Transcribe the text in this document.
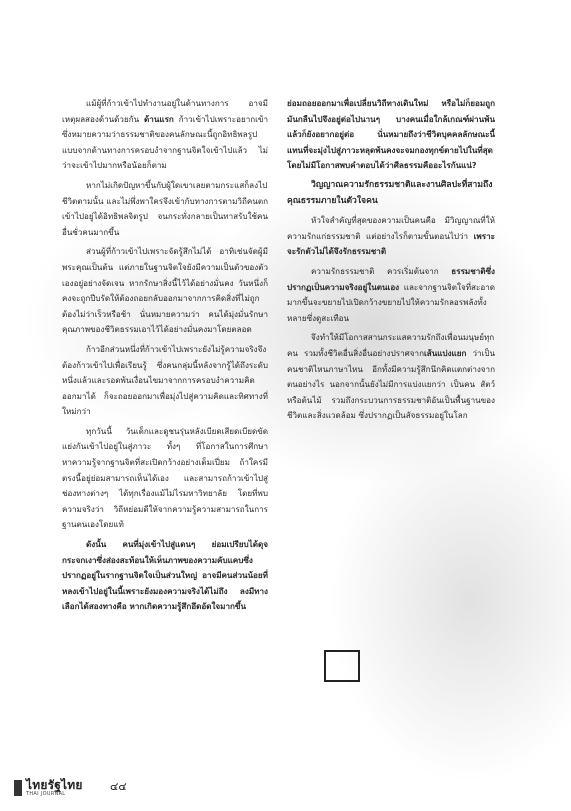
แม้ผู้ที่ก้าวเข้าไปทำงานอยู่ในด้านทางการ อาจมีเหตุผลสองด้านด้วยกัน ด้านแรก ก้าวเข้าไปเพราะอยากเข้า ซึ่งหมายความว่าธรรมชาติของคนลักษณะนี้ถูกอิทธิพลรูปแบบจากด้านทางการครอบงำจากฐานจิตใจเข้าไปแล้ว ไม่ว่าจะเข้าไปมากหรือน้อยก็ตาม

หากไม่เกิดปัญหาขึ้นกับผู้ใดเขาเลยตามกระแสก็ลงไปชีวิตตามนั้น และไม่พึ่งพาใครจึงเข้ากับทางการตามวิถีคนตกเข้าไปอยู่ได้อิทธิพลจิตรูป จนกระทั่งกลายเป็นทาสรับใช้คนอื่นชั่วคนมากขึ้น

ส่วนผู้ที่ก้าวเข้าไปเพราะจัดรู้สึกไม่ได้ อาทิเช่นจัดผู้มีพระคุณเป็นต้น แต่ภายในฐานจิตใจยังมีความเป็นตัวของตัวเองอยู่อย่างจัดเจน หากรักษาสิ่งนี้ไว้ได้อย่างมั่นคง วันหนึ่งก็คงจะถูกปีบรัดให้ต้องถอยกลับออกมาจากการคิดสิ่งที่ไม่ถูกต้องไม่ว่าเร็วหรือช้า นั่นหมายความว่า คนได้มุ่งมั่นรักษาคุณภาพของชีวิตธรรมเอาไว้ได้อย่างมั่นคงมาโดยตลอด

ก้าวอีกส่วนหนึ่งที่ก้าวเข้าไปเพราะยังไม่รู้ความจริงจึงต้องก้าวเข้าไปเพื่อเรียนรู้ ซึ่งคนกลุ่มนี้หลังจากรู้ได้ถึงระดับหนึ่งแล้วและรอดพ้นเงื่อนไขมาจากการครอบงำความคิดออกมาได้ ก็จะถอยออกมาเพื่อมุ่งไปสู่ความคิดและทิศทางที่ใหม่กว่า

ทุกวันนี้ วันเด็กและดูชนรุ่นหลังเบียดเสียดเบียดขัดแย่งกันเข้าไปอยู่ในสู่ภาวะ ทั้งๆ ที่โอกาสในการศึกษาหาความรู้จากฐานจิตที่สะเปิดกว้างอย่างเต็มเปี่ยม ถ้าใครมีตรงนี้อยู่ย่อมสามารถเห็นได้เอง และสามารถก้าวเข้าไปสู่ช่องทางต่างๆ ได้ทุกเรื่องแม้ไม่ไรมหาวิทยาลัย โดยที่พบความจริงว่า วิถีหย่อมดีให้จากความรู้ความสามารถในการฐานตนเองโดยแท้

ดังนั้น คนที่มุ่งเข้าไปสู่แดนๆ ย่อมเปรียบได้ดุจกระจกเงาซึ่งส่องสะท้อนให้เห็นภาพของความคับแคบซึ่งปรากฏอยู่ในรากฐานจิตใจเป็นส่วนใหญ่ อาจมีคนส่วนน้อยที่หลงเข้าไปอยู่ในนี้เพราะยังมองความจริงได้ไม่ถึง ลงมีทางเลือกได้สองทางคือ หากเกิดความรู้สึกอึดอัดใจมากขึ้น

ย่อมถอยออกมาเพื่อเปลี่ยนวิถีทางเดินใหม่ หรือไม่ก็ยอมถูกมันกลืนไปจึงอยู่ต่อไปนานๆ บางคนเมื่อใกล้เกณฑ์ผ่านพ้นแล้วก็ยังอยากอยู่ต่อ นั่นหมายถึงว่าชีวิตบุคคลลักษณะนี้ แทนที่จะมุ่งไปสู่ภาวะหลุดพ้นคงจะจมกองทุกข์ตายไปในที่สุด โดยไม่มีโอกาสพบคำตอบได้ว่าศีลธรรมคืออะไรกันแน่?

วิญญาณความรักธรรมชาติและงานศิลปะที่สามถึงคุณธรรมภายในตัวใจคน

หัวใจสำคัญที่สุดของความเป็นคนคือ มีวิญญาณที่ให้ความรักแก่ธรรมชาติ แต่อย่างไรก็ตามขั้นตอนไปว่า เพราะจะรักตัวไม่ได้จึงรักธรรมชาติ

ความรักธรรมชาติ ควรเริ่มต้นจาก ธรรมชาติซึ่งปรากฏเป็นความจริงอยู่ในตนเอง และจากฐานจิตใจที่สะอาดมากขึ้นจะขยายไปเปิดกว้างขยายไปให้ความรักลอรพลังทั้งหลายซึ่งดูสะเทือน

จึงทำให้มีโอกาสสานกระแสความรักถึงเพื่อนมนุษย์ทุกคน รวมทั้งชีวิตอื่นสิ่งอื่นอย่างปราศจากเส้นแบ่งแยก ว่าเป็นคนชาติไหนภาษาไหน อีกทั้งมีความรู้สึกนึกคิดแตกต่างจากตนอย่างไร นอกจากนั้นยังไม่มีการแบ่งแยกว่า เป็นคน สัตว์ หรือต้นไม้ รวมถึงกระบวนการธรรมชาติอันเป็นพื้นฐานของชีวิตและสิ่งแวดล้อม ซึ่งปรากฏเป็นสัจธรรมอยู่ในโลก

ไทยรัฐไทย
THAI JOURNAL
๔๔
